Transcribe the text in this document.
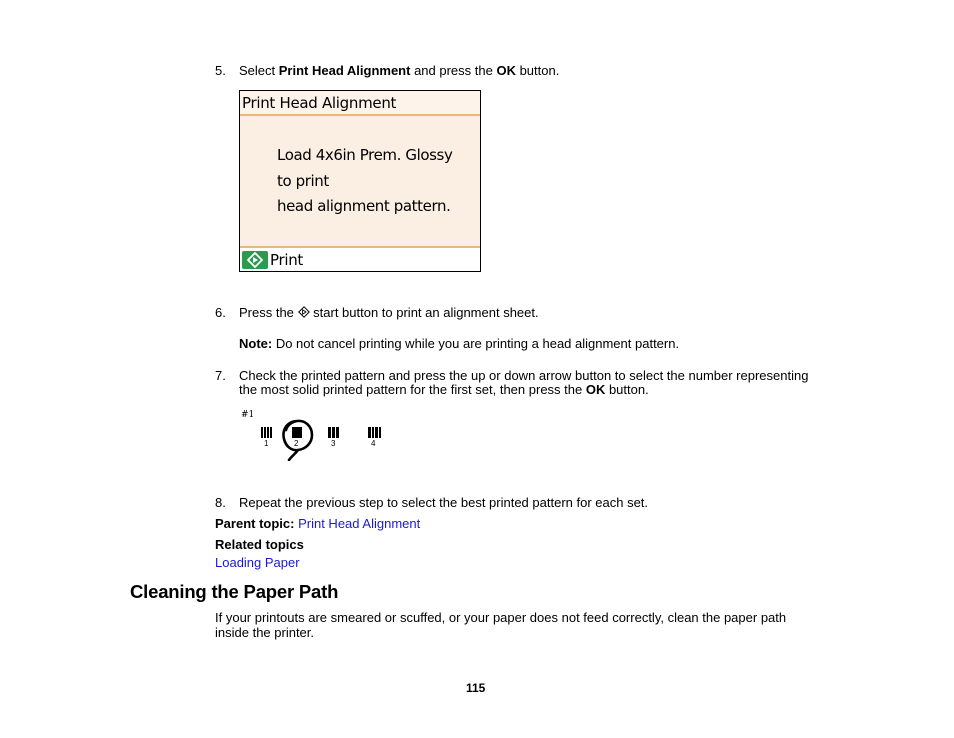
5. Select Print Head Alignment and press the OK button.
Print Head Alignment
Load 4x6in Prem. Glossy
to print
head alignment pattern.
Print
6. Press the  start button to print an alignment sheet.
Note: Do not cancel printing while you are printing a head alignment pattern.
7. Check the printed pattern and press the up or down arrow button to select the number representing
the most solid printed pattern for the first set, then press the OK button.
#1
1	2	3	4
8. Repeat the previous step to select the best printed pattern for each set.
Parent topic: Print Head Alignment
Related topics
Loading Paper
Cleaning the Paper Path
If your printouts are smeared or scuffed, or your paper does not feed correctly, clean the paper path
inside the printer.
115
